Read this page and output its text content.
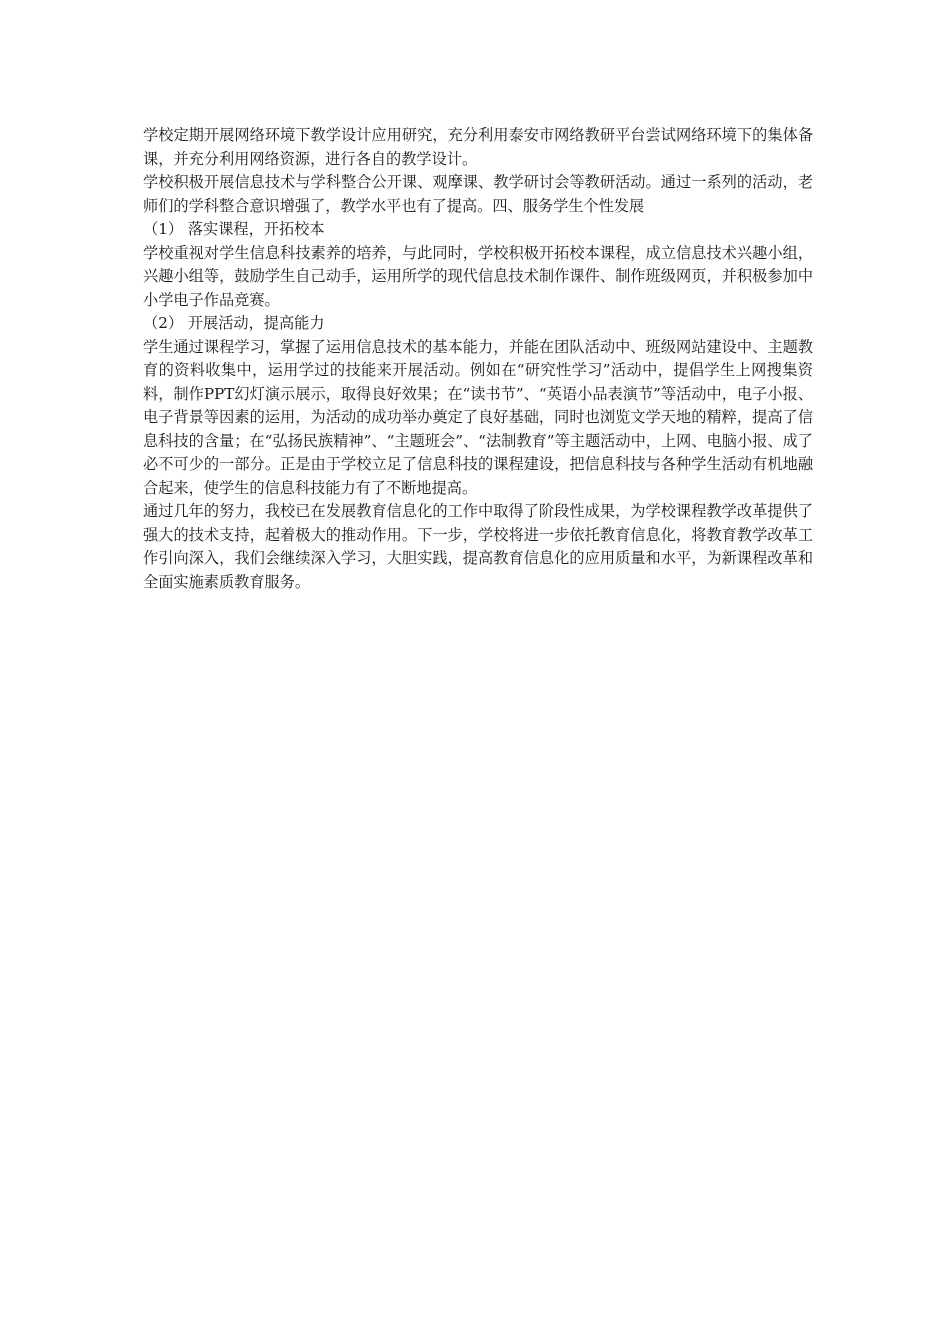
学校定期开展网络环境下教学设计应用研究，充分利用泰安市网络教研平台尝试网络环境下的集体备课，并充分利用网络资源，进行各自的教学设计。

学校积极开展信息技术与学科整合公开课、观摩课、教学研讨会等教研活动。通过一系列的活动，老师们的学科整合意识增强了，教学水平也有了提高。四、服务学生个性发展

（1） 落实课程，开拓校本

学校重视对学生信息科技素养的培养，与此同时，学校积极开拓校本课程，成立信息技术兴趣小组，兴趣小组等，鼓励学生自己动手，运用所学的现代信息技术制作课件、制作班级网页，并积极参加中小学电子作品竞赛。

（2） 开展活动，提高能力

学生通过课程学习，掌握了运用信息技术的基本能力，并能在团队活动中、班级网站建设中、主题教育的资料收集中，运用学过的技能来开展活动。例如在“研究性学习”活动中，提倡学生上网搜集资料，制作PPT幻灯演示展示，取得良好效果；在“读书节”、“英语小品表演节”等活动中，电子小报、电子背景等因素的运用，为活动的成功举办奠定了良好基础，同时也浏览文学天地的精粹，提高了信息科技的含量；在“弘扬民族精神”、“主题班会”、“法制教育”等主题活动中，上网、电脑小报、成了必不可少的一部分。正是由于学校立足了信息科技的课程建设，把信息科技与各种学生活动有机地融合起来，使学生的信息科技能力有了不断地提高。

通过几年的努力，我校已在发展教育信息化的工作中取得了阶段性成果，为学校课程教学改革提供了强大的技术支持，起着极大的推动作用。下一步，学校将进一步依托教育信息化，将教育教学改革工作引向深入，我们会继续深入学习，大胆实践，提高教育信息化的应用质量和水平，为新课程改革和全面实施素质教育服务。
